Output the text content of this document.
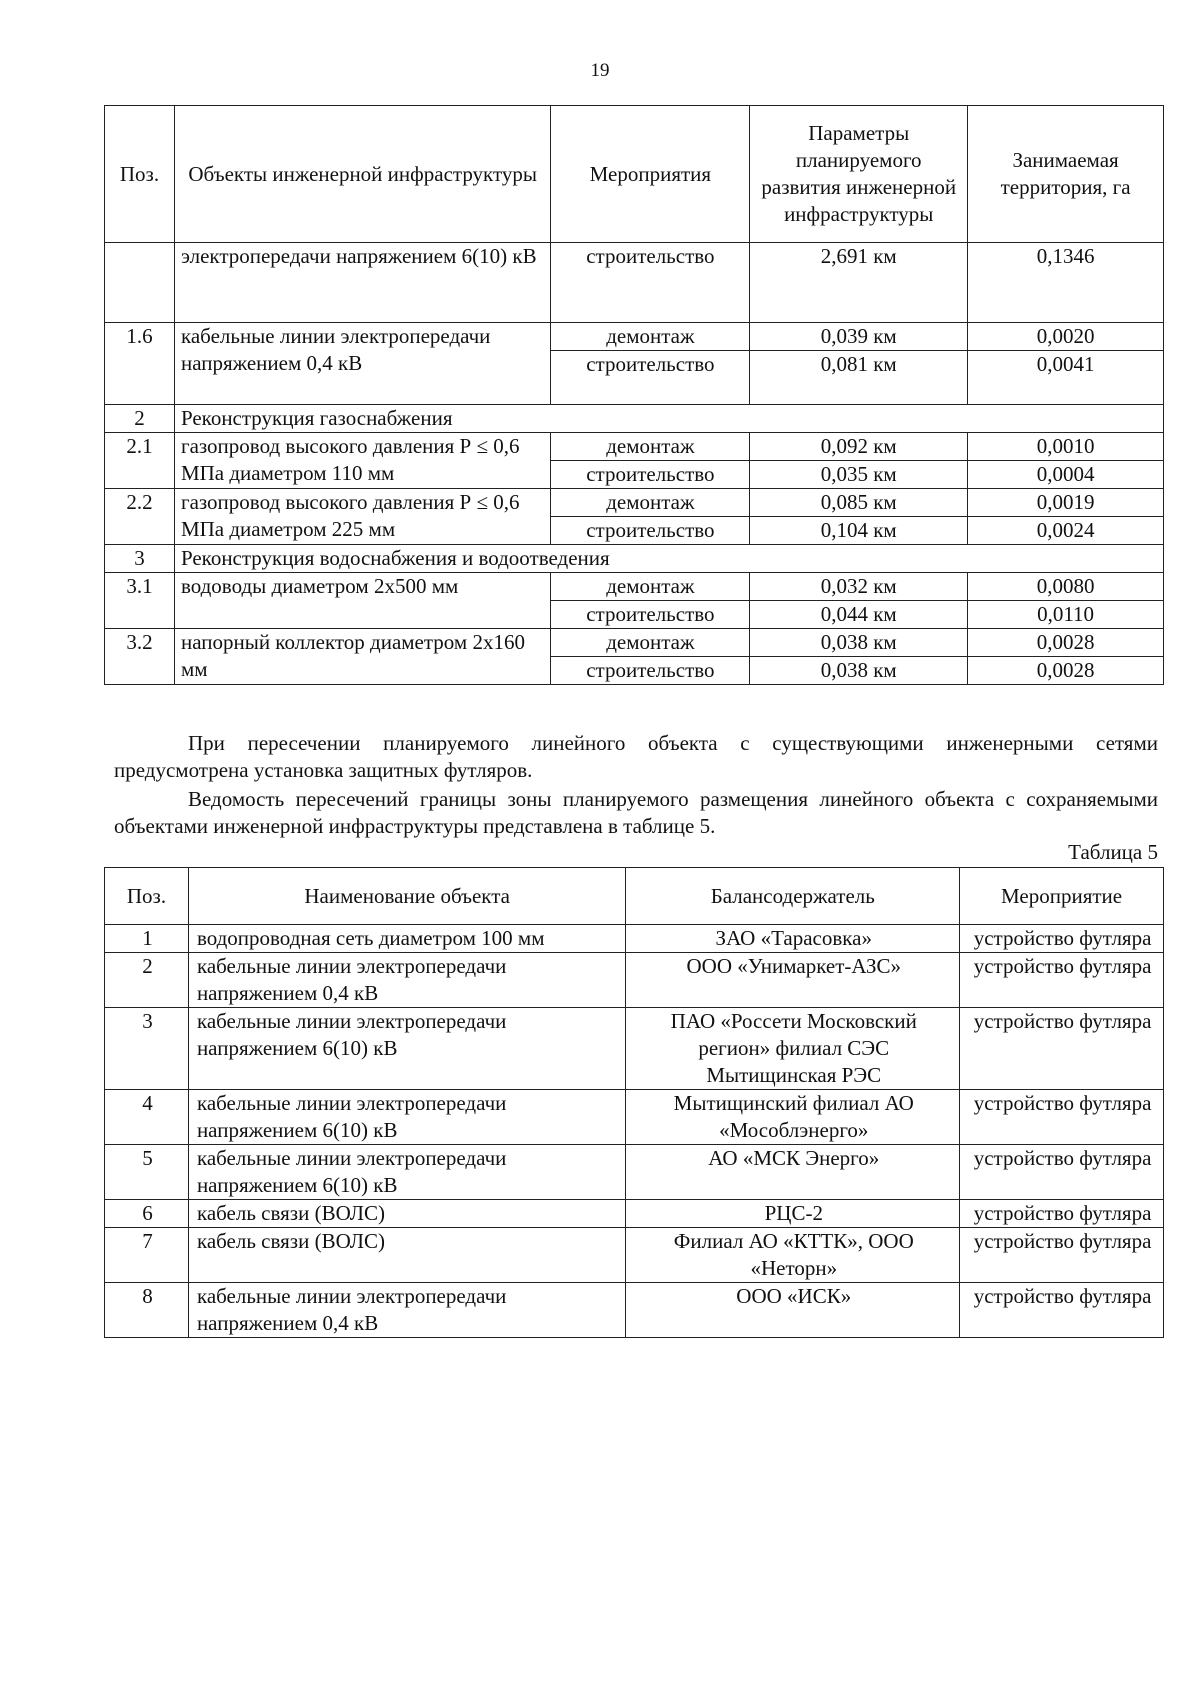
19
Поз.	Объекты инженерной инфраструктуры	Мероприятия	Параметры планируемого развития инженерной инфраструктуры	Занимаемая территория, га
	электропередачи напряжением 6(10) кВ	строительство	2,691 км	0,1346
1.6	кабельные линии электропередачи напряжением 0,4 кВ	демонтаж	0,039 км	0,0020
		строительство	0,081 км	0,0041
2	Реконструкция газоснабжения			
2.1	газопровод высокого давления Р ≤ 0,6 МПа диаметром 110 мм	демонтаж	0,092 км	0,0010
		строительство	0,035 км	0,0004
2.2	газопровод высокого давления Р ≤ 0,6 МПа диаметром 225 мм	демонтаж	0,085 км	0,0019
		строительство	0,104 км	0,0024
3	Реконструкция водоснабжения и водоотведения			
3.1	водоводы диаметром 2х500 мм	демонтаж	0,032 км	0,0080
		строительство	0,044 км	0,0110
3.2	напорный коллектор диаметром 2х160 мм	демонтаж	0,038 км	0,0028
		строительство	0,038 км	0,0028
При пересечении планируемого линейного объекта с существующими инженерными сетями предусмотрена установка защитных футляров.
Ведомость пересечений границы зоны планируемого размещения линейного объекта с сохраняемыми объектами инженерной инфраструктуры представлена в таблице 5.
Таблица 5
Поз.	Наименование объекта	Балансодержатель	Мероприятие
1	водопроводная сеть диаметром 100 мм	ЗАО «Тарасовка»	устройство футляра
2	кабельные линии электропередачи напряжением 0,4 кВ	ООО «Унимаркет-АЗС»	устройство футляра
3	кабельные линии электропередачи напряжением 6(10) кВ	ПАО «Россети Московский регион» филиал СЭС Мытищинская РЭС	устройство футляра
4	кабельные линии электропередачи напряжением 6(10) кВ	Мытищинский филиал АО «Мособлэнерго»	устройство футляра
5	кабельные линии электропередачи напряжением 6(10) кВ	АО «МСК Энерго»	устройство футляра
6	кабель связи (ВОЛС)	РЦС-2	устройство футляра
7	кабель связи (ВОЛС)	Филиал АО «КТТК», ООО «Неторн»	устройство футляра
8	кабельные линии электропередачи напряжением 0,4 кВ	ООО «ИСК»	устройство футляра
